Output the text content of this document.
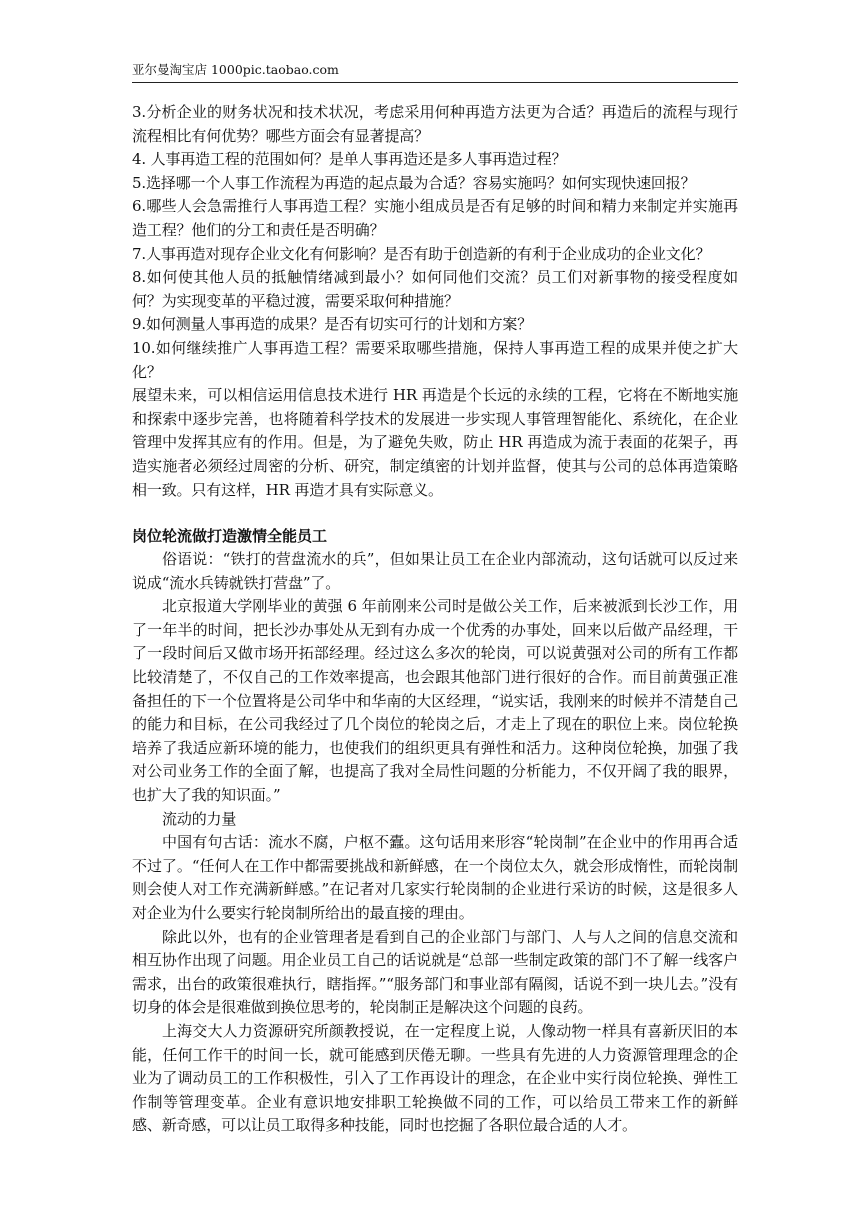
亚尔曼淘宝店 1000pic.taobao.com

3.分析企业的财务状况和技术状况，考虑采用何种再造方法更为合适？再造后的流程与现行流程相比有何优势？哪些方面会有显著提高？

4. 人事再造工程的范围如何？是单人事再造还是多人事再造过程？

5.选择哪一个人事工作流程为再造的起点最为合适？容易实施吗？如何实现快速回报？

6.哪些人会急需推行人事再造工程？实施小组成员是否有足够的时间和精力来制定并实施再造工程？他们的分工和责任是否明确？

7.人事再造对现存企业文化有何影响？是否有助于创造新的有利于企业成功的企业文化？

8.如何使其他人员的抵触情绪减到最小？如何同他们交流？员工们对新事物的接受程度如何？为实现变革的平稳过渡，需要采取何种措施？

9.如何测量人事再造的成果？是否有切实可行的计划和方案？

10.如何继续推广人事再造工程？需要采取哪些措施，保持人事再造工程的成果并使之扩大化？

展望未来，可以相信运用信息技术进行 HR 再造是个长远的永续的工程，它将在不断地实施和探索中逐步完善，也将随着科学技术的发展进一步实现人事管理智能化、系统化，在企业管理中发挥其应有的作用。但是，为了避免失败，防止 HR 再造成为流于表面的花架子，再造实施者必须经过周密的分析、研究，制定缜密的计划并监督，使其与公司的总体再造策略相一致。只有这样，HR 再造才具有实际意义。

岗位轮流做打造激情全能员工

俗语说：“铁打的营盘流水的兵”，但如果让员工在企业内部流动，这句话就可以反过来说成“流水兵铸就铁打营盘”了。

北京报道大学刚毕业的黄强 6 年前刚来公司时是做公关工作，后来被派到长沙工作，用了一年半的时间，把长沙办事处从无到有办成一个优秀的办事处，回来以后做产品经理，干了一段时间后又做市场开拓部经理。经过这么多次的轮岗，可以说黄强对公司的所有工作都比较清楚了，不仅自己的工作效率提高，也会跟其他部门进行很好的合作。而目前黄强正准备担任的下一个位置将是公司华中和华南的大区经理，“说实话，我刚来的时候并不清楚自己的能力和目标，在公司我经过了几个岗位的轮岗之后，才走上了现在的职位上来。岗位轮换培养了我适应新环境的能力，也使我们的组织更具有弹性和活力。这种岗位轮换，加强了我对公司业务工作的全面了解，也提高了我对全局性问题的分析能力，不仅开阔了我的眼界，也扩大了我的知识面。”

流动的力量

中国有句古话：流水不腐，户枢不蠹。这句话用来形容“轮岗制”在企业中的作用再合适不过了。“任何人在工作中都需要挑战和新鲜感，在一个岗位太久，就会形成惰性，而轮岗制则会使人对工作充满新鲜感。”在记者对几家实行轮岗制的企业进行采访的时候，这是很多人对企业为什么要实行轮岗制所给出的最直接的理由。

除此以外，也有的企业管理者是看到自己的企业部门与部门、人与人之间的信息交流和相互协作出现了问题。用企业员工自己的话说就是“总部一些制定政策的部门不了解一线客户需求，出台的政策很难执行，瞎指挥。”“服务部门和事业部有隔阂，话说不到一块儿去。”没有切身的体会是很难做到换位思考的，轮岗制正是解决这个问题的良药。

上海交大人力资源研究所颜教授说，在一定程度上说，人像动物一样具有喜新厌旧的本能，任何工作干的时间一长，就可能感到厌倦无聊。一些具有先进的人力资源管理理念的企业为了调动员工的工作积极性，引入了工作再设计的理念，在企业中实行岗位轮换、弹性工作制等管理变革。企业有意识地安排职工轮换做不同的工作，可以给员工带来工作的新鲜感、新奇感，可以让员工取得多种技能，同时也挖掘了各职位最合适的人才。
